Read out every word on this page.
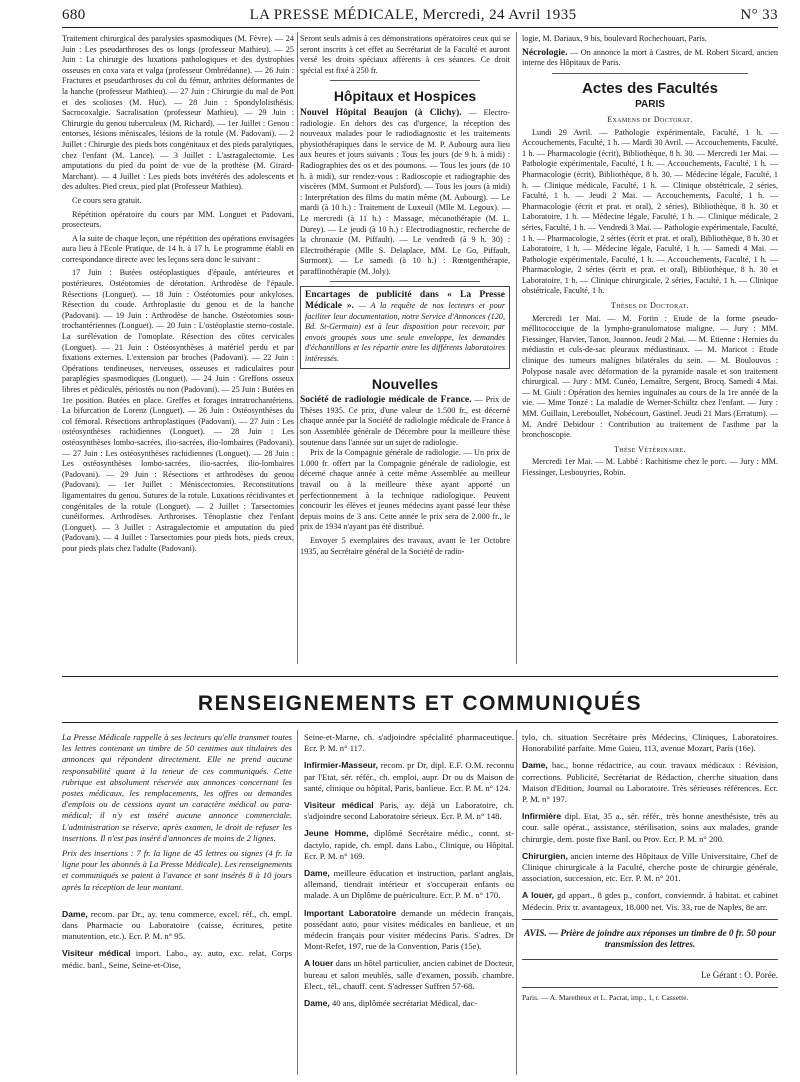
680	LA PRESSE MÉDICALE, Mercredi, 24 Avril 1935	N° 33

Traitement chirurgical des paralysies spasmodiques (M. Fèvre). — 24 Juin : Les pseudarthroses des os longs (professeur Mathieu). — 25 Juin : La chirurgie des luxations pathologiques et des dystrophies osseuses en coxa vara et valga (professeur Ombrédanne). — 26 Juin : Fractures et pseudarthroses du col du fémur, arthrites déformantes de la hanche (professeur Mathieu). — 27 Juin : Chirurgie du mal de Pott et des scolioses (M. Huc). — 28 Juin : Spondylolisthésis. Sacrocoxalgie. Sacralisation (professeur Mathieu). — 29 Juin : Chirurgie du genou tuberculeux (M. Richard). — 1er Juillet : Genou : entorses, lésions méniscales, lésions de la rotule (M. Padovani). — 2 Juillet : Chirurgie des pieds bots congénitaux et des pieds paralytiques, chez l'enfant (M. Lance). — 3 Juillet : L'astragalectomie. Les amputations du pied du point de vue de la prothèse (M. Girard-Marchant). — 4 Juillet : Les pieds bots invétérés des adolescents et des adultes. Pied creux, pied plat (Professeur Mathieu).

Ce cours sera gratuit.

Répétition opératoire du cours par MM. Longuet et Padovani, prosecteurs.

A la suite de chaque leçon, une répétition des opérations envisagées aura lieu à l'Ecole Pratique, de 14 h. à 17 h. Le programme établi en correspondance directe avec les leçons sera donc le suivant :

17 Juin : Butées ostéoplastiques d'épaule, antérieures et postérieures. Ostéotomies de dérotation. Arthrodèse de l'épaule. Résections (Longuet). — 18 Juin : Ostéotomies pour ankyloses. Résection du coude. Arthroplastie du genou et de la hanche (Padovani). — 19 Juin : Arthrodèse de hanche. Ostéotomies sous-trochantériennes (Longuet). — 20 Juin : L'ostéoplastie sterno-costale. La surélévation de l'omoplate. Résection des côtes cervicales (Longuet). — 21 Juin : Ostéosynthèses à matériel perdu et par fixations externes. L'extension par broches (Padovani). — 22 Juin : Opérations tendineuses, nerveuses, osseuses et radiculaires pour paraplégies spasmodiques (Longuet). — 24 Juin : Greffons osseux libres et pédiculés, périostés ou non (Padovani). — 25 Juin : Butées en 1re position. Butées en place. Greffes et forages intratrochantériens. La bifurcation de Lorenz (Longuet). — 26 Juin : Ostéosynthèses du col fémoral. Résections arthroplastiques (Padovani). — 27 Juin : Les ostéosynthèses rachidiennes (Longuet). — 28 Juin : Les ostéosynthèses lombo-sacrées, ilio-sacrées, ilio-lombaires (Padovani). — 27 Juin : Les ostéosynthèses rachidiennes (Longuet). — 28 Juin : Les ostéosynthèses lombo-sacrées, ilio-sacrées, ilio-lombaires (Padovani). — 29 Juin : Résections et arthrodèses du genou (Padovani). — 1er Juillet : Méniscectomies. Reconstitutions ligamentaires du genou. Sutures de la rotule. Luxations récidivantes et congénitales de la rotule (Longuet). — 2 Juillet : Tarsectomies cunéiformes. Arthrodèses. Arthrorises. Ténoplastie chez l'enfant (Longuet). — 3 Juillet : Astragalectomie et amputation du pied (Padovani). — 4 Juillet : Tarsectomies pour pieds bots, pieds creux, pour pieds plats chez l'adulte (Padovani).

Seront seuls admis à ces démonstrations opératoires ceux qui se seront inscrits à cet effet au Secrétariat de la Faculté et auront versé les droits spéciaux afférents à ces séances. Ce droit spécial est fixé à 250 fr.

Hôpitaux et Hospices
Nouvel Hôpital Beaujon (à Clichy). — Electro-radiologie. En dehors des cas d'urgence, la réception des nouveaux malades pour le radiodiagnostic et les traitements physiothérapiques dans le service de M. P. Aubourg aura lieu aux heures et jours suivants : Tous les jours (de 9 h. à midi) : Radiographies des os et des poumons. — Tous les jours (de 10 h. à midi), sur rendez-vous : Radioscopie et radiographie des viscères (MM. Surmont et Pulsford). — Tous les jours (à midi) : Interprétation des films du matin même (M. Aubourg). — Le mardi (à 10 h.) : Traitement de Luxeuil (Mlle M. Legoux). — Le mercredi (à 11 h.) : Massage, mécanothérapie (M. L. Durey). — Le jeudi (à 10 h.) : Electrodiagnostic, recherche de la chronaxie (M. Piffault). — Le vendredi (à 9 h. 30) : Electrothérapie (Mlle S. Delaplace, MM. Le Go, Piffault, Surmont). — Le samedi (à 10 h.) : Rœntgenthérapie, paraffinothérapie (M. Joly).
Encartages de publicité dans « La Presse Médicale ». — A la requête de nos lecteurs et pour faciliter leur documentation, notre Service d'Annonces (120, Bd. St-Germain) est à leur disposition pour recevoir, par envois groupés sous une seule enveloppe, les demandes d'échantillons et les répartir entre les différents laboratoires intéressés.
Nouvelles
Société de radiologie médicale de France. — Prix de Thèses 1935. Ce prix, d'une valeur de 1.500 fr., est décerné chaque année par la Société de radiologie médicale de France à son Assemblée générale de Décembre pour la meilleure thèse soutenue dans l'année sur un sujet de radiologie.

Prix de la Compagnie générale de radiologie. — Un prix de 1.000 fr. offert par la Compagnie générale de radiologie, est décerné chaque année à cette même Assemblée au meilleur travail ou à la meilleure thèse ayant apporté un perfectionnement à la technique radiologique. Peuvent concourir les élèves et jeunes médecins ayant passé leur thèse depuis moins de 3 ans. Cette année le prix sera de 2.000 fr., le prix de 1934 n'ayant pas été distribué.

Envoyer 5 exemplaires des travaux, avant le 1er Octobre 1935, au Secrétaire général de la Société de radio-

logie, M. Dariaux, 9 bis, boulevard Rochechouart, Paris.

Nécrologie. — On annonce la mort à Castres, de M. Robert Sicard, ancien interne des Hôpitaux de Paris.
Actes des Facultés
PARIS
Examens de Doctorat.

Lundi 29 Avril. — Pathologie expérimentale, Faculté, 1 h. — Accouchements, Faculté, 1 h. — Mardi 30 Avril. — Accouchements, Faculté, 1 h. — Pharmacologie (écrit), Bibliothèque, 8 h. 30. — Mercredi 1er Mai. — Pathologie expérimentale, Faculté, 1 h. — Accouchements, Faculté, 1 h. — Pharmacologie (écrit), Bibliothèque, 8 h. 30. — Médecine légale, Faculté, 1 h. — Clinique médicale, Faculté, 1 h. — Clinique obstétricale, 2 séries, Faculté, 1 h. — Jeudi 2 Mai. — Accouchements, Faculté, 1 h. — Pharmacologie (écrit et prat. et oral), 2 séries), Bibliothèque, 8 h. 30 et Laboratoire, 1 h. — Médecine légale, Faculté, 1 h. — Clinique médicale, 2 séries, Faculté, 1 h. — Vendredi 3 Mai. — Pathologie expérimentale, Faculté, 1 h. — Pharmacologie, 2 séries (écrit et prat. et oral), Bibliothèque, 8 h. 30 et Laboratoire, 1 h. — Médecine légale, Faculté, 1 h. — Samedi 4 Mai. — Pathologie expérimentale, Faculté, 1 h. — Accouchements, Faculté, 1 h. — Pharmacologie, 2 séries (écrit et prat. et oral), Bibliothèque, 8 h. 30 et Laboratoire, 1 h. — Clinique chirurgicale, 2 séries, Faculté, 1 h. — Clinique obstétricale, Faculté, 1 h.

Thèses de Doctorat.

Mercredi 1er Mai. — M. Fortin : Etude de la forme pseudo-méllitococcique de la lympho-granulomatose maligne. — Jury : MM. Fiessinger, Harvier, Tanon, Joannon. Jeudi 2 Mai. — M. Etienne : Hernies du médiastin et culs-de-sac pleuraux médiastinaux. — M. Maricot : Etude clinique des tumeurs malignes bilatérales du sein. — M. Boulouvos : Polypose nasale avec déformation de la pyramide nasale et son traitement chirurgical. — Jury : MM. Cunéo, Lemaître, Sergent, Brocq. Samedi 4 Mai. — M. Giuli : Opération des hernies inguinales au cours de la 1re année de la vie. — Mme Tonzé : La maladie de Werner-Schültz chez l'enfant. — Jury : MM. Guillain, Lereboullet, Nobécourt, Gastinel. Jeudi 21 Mars (Erratum). — M. André Debidour : Contribution au traitement de l'asthme par la bronchoscopie.

Thèse Vétérinaire.

Mercredi 1er Mai. — M. Labbé : Rachitisme chez le porc. — Jury : MM. Fiessinger, Lesbouyries, Robin.

RENSEIGNEMENTS ET COMMUNIQUÉS

La Presse Médicale rappelle à ses lecteurs qu'elle transmet toutes les lettres contenant un timbre de 50 centimes aux titulaires des annonces qui répondent directement. Elle ne prend aucune responsabilité quant à la teneur de ces communiqués. Cette rubrique est absolument réservée aux annonces concernant les postes médicaux, les remplacements, les offres ou demandes d'emplois ou de cessions ayant un caractère médical ou para-médical; il n'y est inséré aucune annonce commerciale. L'administration se réserve, après examen, le droit de refuser les insertions. Il n'est pas inséré d'annonces de moins de 2 lignes.

Prix des insertions : 7 fr. la ligne de 45 lettres ou signes (4 fr. la ligne pour les abonnés à La Presse Médicale). Les renseignements et communiqués se paient à l'avance et sont insérés 8 à 10 jours après la réception de leur montant.

Dame, recom. par Dr., ay. tenu commerce, excel. réf., ch. empl. dans Pharmacie ou Laboratoire (caisse, écritures, petite manutention, etc.). Ecr. P. M. n° 95.

Visiteur médical import. Labo., ay. auto, exc. relat. Corps médic. banl., Seine, Seine-et-Oise,

Seine-et-Marne, ch. s'adjoindre spécialité pharmaceutique. Ecr. P. M. n° 117.

Infirmier-Masseur, recom. pr Dr, dipl. E.F. O.M. reconnu par l'Etat, sér. référ., ch. emploi, aupr. Dr ou ds Maison de santé, clinique ou hôpital, Paris, banlieue. Ecr. P. M. n° 124.

Visiteur médical Paris, ay. déjà un Laboratoire, ch. s'adjoindre second Laboratoire sérieux. Ecr. P. M. n° 148.

Jeune Homme, diplômé Secrétaire médic., connt. st-dactylo, rapide, ch. empl. dans Labo., Clinique, ou Hôpital. Ecr. P. M. n° 169.

Dame, meilleure éducation et instruction, parlant anglais, allemand, tiendrait intérieur et s'occuperait enfants ou malade. A un Diplôme de puériculture. Ecr. P. M. n° 170.

Important Laboratoire demande un médecin français, possédant auto, pour visites médicales en banlieue, et un médecin français pour visiter médecins Paris. S'adres. Dr Mont-Refet, 197, rue de la Convention, Paris (15e).

A louer dans un hôtel particulier, ancien cabinet de Docteur, bureau et salon meublés, salle d'examen, possib. chambre. Elect., tél., chauff. cent. S'adresser Suffren 57-68.

Dame, 40 ans, diplômée secrétariat Médical, dac-

tylo, ch. situation Secrétaire près Médecins, Cliniques, Laboratoires. Honorabilité parfaite. Mme Guieu, 113, avenue Mozart, Paris (16e).

Dame, bac., bonne rédactrice, au cour. travaux médicaux : Révision, corrections. Publicité, Secrétariat de Rédaction, cherche situation dans Maison d'Edition, Journal ou Laboratoire. Très sérieuses références. Ecr. P. M. n° 197.

Infirmière dipl. Etat, 35 a., sér. référ., très bonne anesthésiste, très au cour. salle opérat., assistance, stérilisation, soins aux malades, grande chirurgie, dem. poste fixe Banl. ou Prov. Ecr. P. M. n° 200.

Chirurgien, ancien interne des Hôpitaux de Ville Universitaire, Chef de Clinique chirurgicale à la Faculté, cherche poste de chirurgie générale, association, succession, etc. Ecr. P. M. n° 201.

A louer, gd appart., 8 gdes p., confort, convienndr. à habitat. et cabinet Médecin. Prix tr. avantageux, 18.000 net. Vis. 33, rue de Naples, 8e arr.

AVIS. — Prière de joindre aux réponses un timbre de 0 fr. 50 pour transmission des lettres.
Le Gérant : O. Porée.
Paris. — A. Maretheux et L. Pactat, imp., 1, r. Cassette.
